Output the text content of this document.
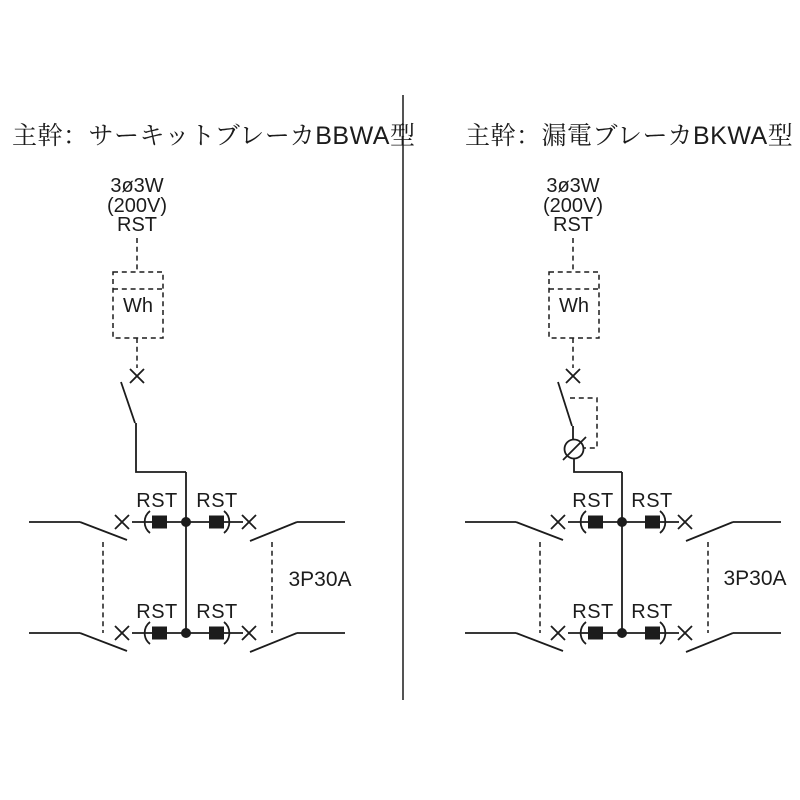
主幹：サーキットブレーカBBWA型
3ø3W
(200V)
RST
Wh
RST RST
RST RST
3P30A
主幹：漏電ブレーカBKWA型
3ø3W
(200V)
RST
Wh
RST RST
RST RST
3P30A
